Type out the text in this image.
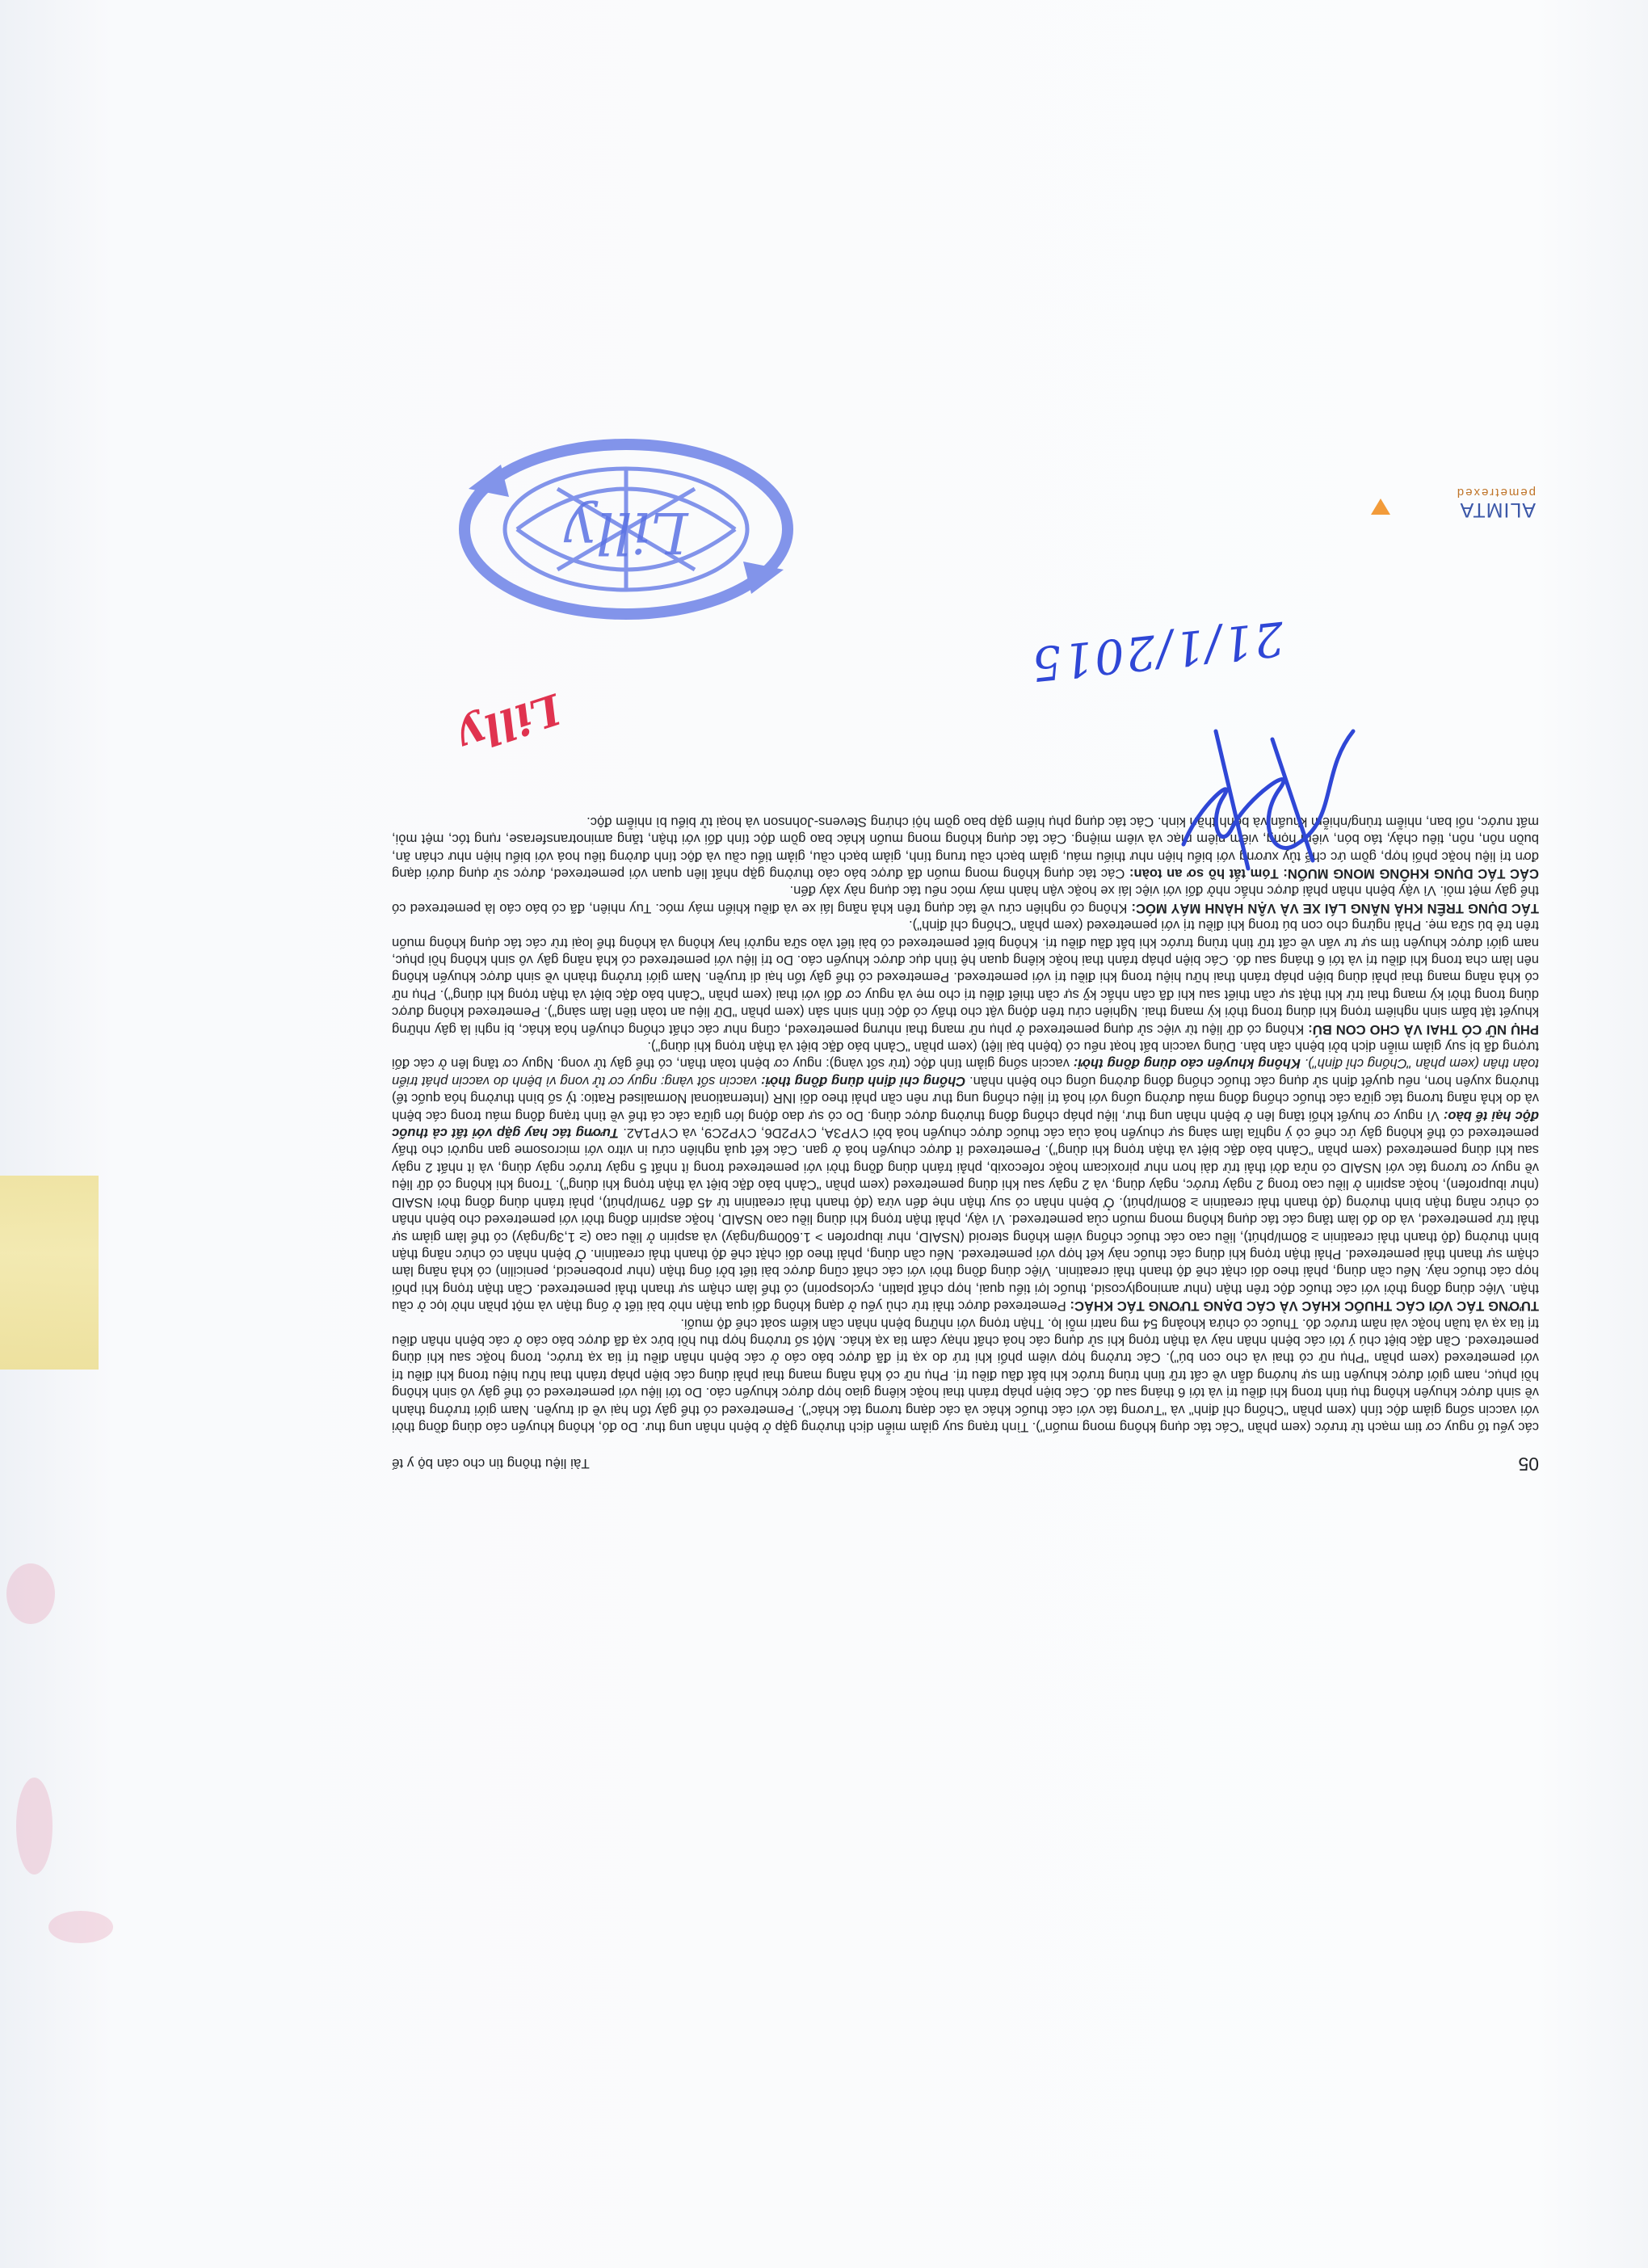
05
Tài liệu thông tin cho cán bộ y tế

các yếu tố nguy cơ tim mạch từ trước (xem phần "Các tác dụng không mong muốn"). Tình trạng suy giảm miễn dịch thường gặp ở bệnh nhân ung thư. Do đó, không khuyến cáo dùng đồng thời với vaccin sống giảm độc tính (xem phần "Chống chỉ định" và "Tương tác với các thuốc khác và các dạng tương tác khác"). Pemetrexed có thể gây tổn hại về di truyền. Nam giới trưởng thành về sinh được khuyên không thụ tinh trong khi điều trị và tới 6 tháng sau đó. Các biện pháp tránh thai hoặc kiêng giao hợp được khuyến cáo. Do tới liệu với pemetrexed có thể gây vô sinh không hồi phục, nam giới được khuyên tìm sự hướng dẫn về cất trữ tinh trùng trước khi bắt đầu điều trị. Phụ nữ có khả năng mang thai phải dùng các biện pháp tránh thai hữu hiệu trong khi điều trị với pemetrexed (xem phần "Phụ nữ có thai và cho con bú"). Các trường hợp viêm phổi khi trứ do xạ trị đã được báo cáo ở các bệnh nhân điều trị tia xạ trước, trong hoặc sau khi dùng pemetrexed. Cần đặc biệt chú ý tới các bệnh nhân này và thận trọng khi sử dụng các hoá chất nhạy cảm tia xạ khác. Một số trường hợp thu hồi bức xạ đã được báo cáo ở các bệnh nhân điều trị tia xạ và tuần hoặc vài năm trước đó. Thuốc có chứa khoảng 54 mg natri mỗi lọ. Thận trọng với những bệnh nhân cần kiểm soát chế độ muối.

TƯƠNG TÁC VỚI CÁC THUỐC KHÁC VÀ CÁC DẠNG TƯƠNG TÁC KHÁC: Pemetrexed được thải trừ chủ yếu ở dạng không đổi qua thận nhờ bài tiết ở ống thận và một phần nhờ lọc ở cầu thận. Việc dùng đồng thời với các thuốc độc trên thận (như aminoglycosid, thuốc lợi tiểu quai, hợp chất platin, cyclosporin) có thể làm chậm sự thanh thải pemetrexed. Cần thận trọng khi phối hợp các thuốc này. Nếu cần dùng, phải theo dõi chặt chẽ độ thanh thải creatinin. Việc dùng đồng thời với các chất cũng được bài tiết bởi ống thận (như probenecid, penicilin) có khả năng làm chậm sự thanh thải pemetrexed. Phải thận trọng khi dùng các thuốc này kết hợp với pemetrexed. Nếu cần dùng, phải theo dõi chặt chẽ độ thanh thải creatinin. Ở bệnh nhân có chức năng thận bình thường (độ thanh thải creatinin ≥ 80ml/phút), liều cao các thuốc chống viêm không steroid (NSAID, như ibuprofen > 1.600mg/ngày) và aspirin ở liều cao (≥ 1,3g/ngày) có thể làm giảm sự thải trừ pemetrexed, và do đó làm tăng các tác dụng không mong muốn của pemetrexed. Vì vậy, phải thận trọng khi dùng liều cao NSAID, hoặc aspirin đồng thời với pemetrexed cho bệnh nhân có chức năng thận bình thường (độ thanh thải creatinin ≥ 80ml/phút). Ở bệnh nhân có suy thận nhẹ đến vừa (độ thanh thải creatinin từ 45 đến 79ml/phút), phải tránh dùng đồng thời NSAID (như ibuprofen), hoặc aspirin ở liều cao trong 2 ngày trước, ngày dùng, và 2 ngày sau khi dùng pemetrexed (xem phần "Cảnh báo đặc biệt và thận trọng khi dùng"). Trong khi không có dữ liệu về nguy cơ tương tác với NSAID có nửa đời thải trừ dài hơn như piroxicam hoặc rofecoxib, phải tránh dùng đồng thời với pemetrexed trong ít nhất 5 ngày trước ngày dùng, và ít nhất 2 ngày sau khi dùng pemetrexed (xem phần "Cảnh báo đặc biệt và thận trọng khi dùng"). Pemetrexed ít được chuyển hoá ở gan. Các kết quả nghiên cứu in vitro với microsome gan người cho thấy pemetrexed có thể không gây ức chế có ý nghĩa lâm sàng sự chuyển hoá của các thuốc được chuyển hoá bởi CYP3A, CYP2D6, CYP2C9, và CYP1A2. Tương tác hay gặp với tất cả thuốc độc hại tế bào: Vì nguy cơ huyết khối tăng lên ở bệnh nhân ung thư, liệu pháp chống đông thường được dùng. Do có sự dao động lớn giữa các cá thể về tình trạng đông máu trong các bệnh và do khả năng tương tác giữa các thuốc chống đông máu đường uống với hoá trị liệu chống ung thư nên cần phải theo dõi INR (International Normalised Ratio: tỷ số bình thường hóa quốc tế) thường xuyên hơn, nếu quyết định sử dụng các thuốc chống đông đường uống cho bệnh nhân. Chống chỉ định dùng đồng thời: vaccin sốt vàng: nguy cơ tử vong vì bệnh do vaccin phát triển toàn thân (xem phần "Chống chỉ định"). Không khuyến cáo dùng đồng thời: vaccin sống giảm tính độc (trừ sốt vàng): nguy cơ bệnh toàn thân, có thể gây tử vong. Nguy cơ tăng lên ở các đối tượng đã bị suy giảm miễn dịch bởi bệnh căn bản. Dùng vaccin bất hoạt nếu có (bệnh bại liệt) (xem phần "Cảnh báo đặc biệt và thận trọng khi dùng").

PHỤ NỮ CÓ THAI VÀ CHO CON BÚ: Không có dữ liệu từ việc sử dụng pemetrexed ở phụ nữ mang thai nhưng pemetrexed, cũng như các chất chống chuyển hóa khác, bị nghi là gây những khuyết tật bẩm sinh nghiêm trọng khi dùng trong thời kỳ mang thai. Nghiên cứu trên động vật cho thấy có độc tính sinh sản (xem phần "Dữ liệu an toàn tiền lâm sàng"). Pemetrexed không được dùng trong thời kỳ mang thai trừ khi thật sự cần thiết sau khi đã cân nhắc kỹ sự cần thiết điều trị cho mẹ và nguy cơ đối với thai (xem phần "Cảnh báo đặc biệt và thận trọng khi dùng"). Phụ nữ có khả năng mang thai phải dùng biện pháp tránh thai hữu hiệu trong khi điều trị với pemetrexed. Pemetrexed có thể gây tổn hại di truyền. Nam giới trưởng thành về sinh được khuyến không nên làm cha trong khi điều trị và tới 6 tháng sau đó. Các biện pháp tránh thai hoặc kiêng quan hệ tình dục được khuyến cáo. Do trị liệu với pemetrexed có khả năng gây vô sinh không hồi phục, nam giới được khuyên tìm sự tư vấn về cất trữ tinh trùng trước khi bắt đầu điều trị. Không biết pemetrexed có bài tiết vào sữa người hay không và không thể loại trừ các tác dụng không muốn trên trẻ bú sữa mẹ. Phải ngừng cho con bú trong khi điều trị với pemetrexed (xem phần "Chống chỉ định").

TÁC DỤNG TRÊN KHẢ NĂNG LÁI XE VÀ VẬN HÀNH MÁY MÓC: Không có nghiên cứu về tác dụng trên khả năng lái xe và điều khiển máy móc. Tuy nhiên, đã có báo cáo là pemetrexed có thể gây mệt mỏi. Vì vậy bệnh nhân phải được nhắc nhở đối với việc lái xe hoặc vận hành máy móc nếu tác dụng này xảy đến.

CÁC TÁC DỤNG KHÔNG MONG MUỐN: Tóm tắt hồ sơ an toàn: Các tác dụng không mong muốn đã được báo cáo thường gặp nhất liên quan với pemetrexed, được sử dụng dưới dạng đơn trị liệu hoặc phối hợp, gồm ức chế tủy xương với biểu hiện như thiếu máu, giảm bạch cầu trung tính, giảm bạch cầu, giảm tiểu cầu và độc tính đường tiêu hoá với biểu hiện như chán ăn, buồn nôn, nôn, tiêu chảy, táo bón, viêm họng, viêm niêm mạc và viêm miệng. Các tác dụng không mong muốn khác bao gồm độc tính đối với thận, tăng aminotransferase, rụng tóc, mệt mỏi, mất nước, nổi ban, nhiễm trùng/nhiễm khuẩn và bệnh thần kinh. Các tác dụng phụ hiếm gặp bao gồm hội chứng Stevens-Johnson và hoại tử biểu bì nhiễm độc.

21/1/2015
Lilly
Lilly	ALIMTA
pemetrexed
